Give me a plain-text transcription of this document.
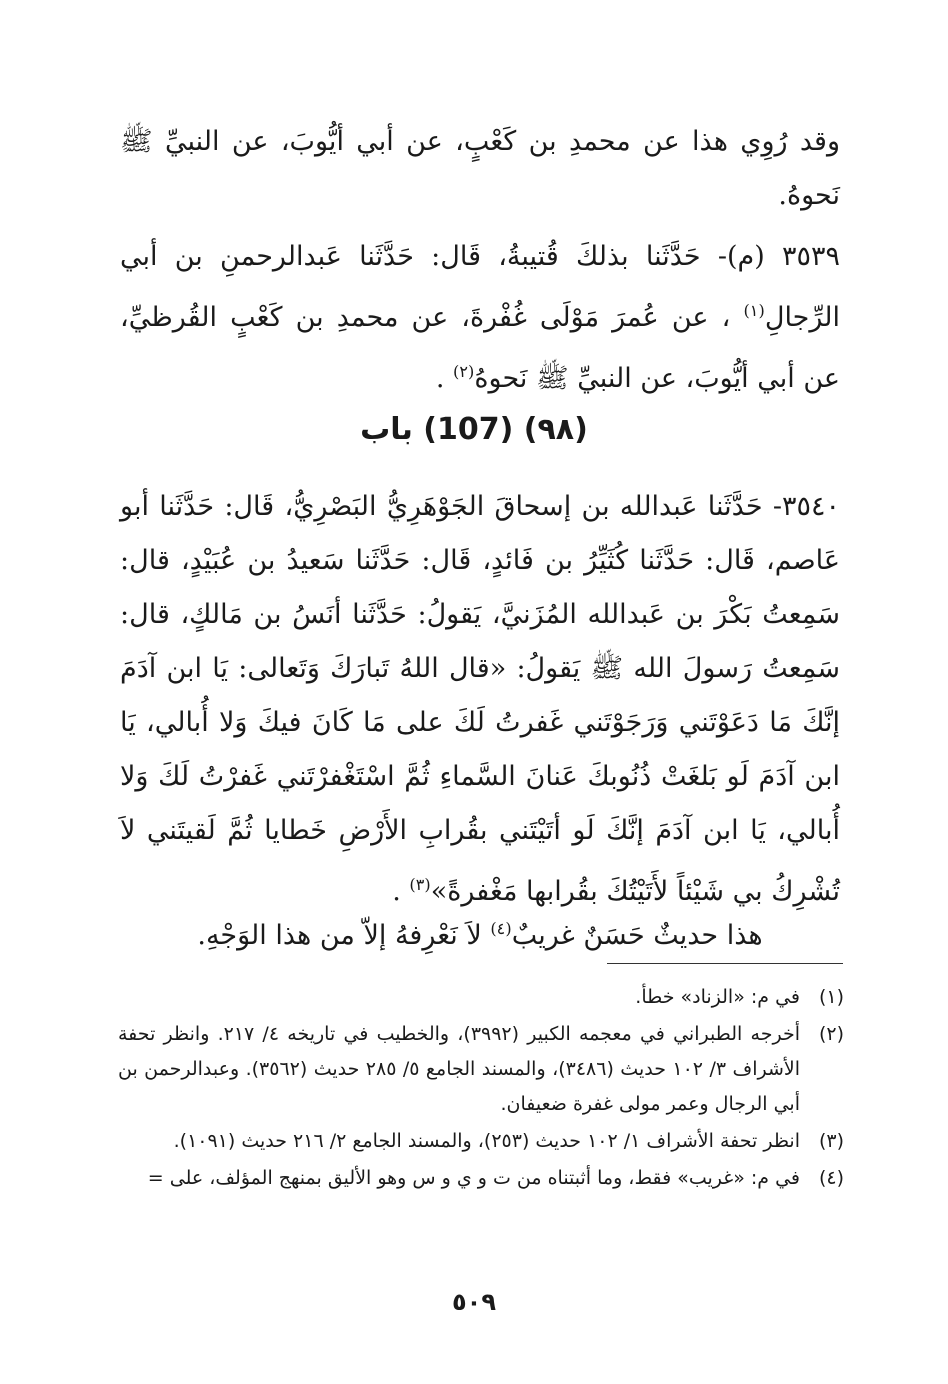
وقد رُوِي هذا عن محمدِ بن كَعْبٍ، عن أبي أيُّوبَ، عن النبيِّ ﷺ نَحوهُ.
٣٥٣٩ (م)- حَدَّثَنا بذلكَ قُتيبةُ، قَال: حَدَّثَنا عَبدالرحمنِ بن أبي الرِّجالِ$^{(١)}$ ، عن عُمرَ مَوْلَى غُفْرةَ، عن محمدِ بن كَعْبٍ القُرظيِّ، عن أبي أيُّوبَ، عن النبيِّ ﷺ نَحوهُ$^{(٢)}$ .
(٩٨) (107) باب
٣٥٤٠- حَدَّثَنا عَبدالله بن إسحاقَ الجَوْهَرِيُّ البَصْرِيُّ، قَال: حَدَّثَنا أبو عَاصم، قَال: حَدَّثَنا كُثَيِّرُ بن فَائدٍ، قَال: حَدَّثَنا سَعيدُ بن عُبَيْدٍ، قال: سَمِعتُ بَكْرَ بن عَبدالله المُزَنيَّ، يَقولُ: حَدَّثَنا أنَسُ بن مَالكٍ، قال: سَمِعتُ رَسولَ الله ﷺ يَقولُ: «قال اللهُ تَبارَكَ وَتَعالى: يَا ابن آدَمَ إنَّكَ مَا دَعَوْتَني وَرَجَوْتَني غَفرتُ لَكَ على مَا كَانَ فيكَ وَلا أُبالي، يَا ابن آدَمَ لَو بَلغَتْ ذُنُوبكَ عَنانَ السَّماءِ ثُمَّ اسْتَغْفرْتَني غَفرْتُ لَكَ وَلا أُبالي، يَا ابن آدَمَ إنَّكَ لَو أتَيْتَني بقُرابِ الأَرْضِ خَطايا ثُمَّ لَقيتَني لاَ تُشْرِكُ بي شَيْئاً لأَتَيْتُكَ بقُرابها مَغْفرةً»$^{(٣)}$ .
هذا حديثٌ حَسَنٌ غريبٌ$^{(٤)}$ لاَ نَعْرِفهُ إلاّ من هذا الوَجْهِ.
(١)
في م: «الزناد» خطأ.
(٢)
أخرجه الطبراني في معجمه الكبير (٣٩٩٢)، والخطيب في تاريخه ٤/ ٢١٧. وانظر تحفة الأشراف ٣/ ١٠٢ حديث (٣٤٨٦)، والمسند الجامع ٥/ ٢٨٥ حديث (٣٥٦٢). وعبدالرحمن بن أبي الرجال وعمر مولى غفرة ضعيفان.
(٣)
انظر تحفة الأشراف ١/ ١٠٢ حديث (٢٥٣)، والمسند الجامع ٢/ ٢١٦ حديث (١٠٩١).
(٤)
في م: «غريب» فقط، وما أثبتناه من ت و ي و س وهو الأليق بمنهج المؤلف، على =
٥٠٩
